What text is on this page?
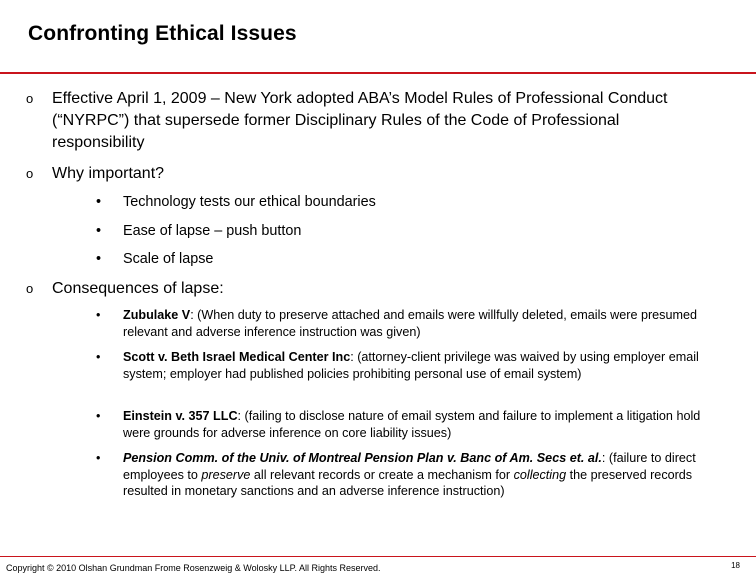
Confronting Ethical Issues
o	Effective April 1, 2009 – New York adopted ABA’s Model Rules of Professional Conduct (“NYRPC”) that supersede former Disciplinary Rules of the Code of Professional responsibility
o	Why important?
•	Technology tests our ethical boundaries
•	Ease of lapse – push button
•	Scale of lapse
o	Consequences of lapse:
•	Zubulake V: (When duty to preserve attached and emails were willfully deleted, emails were presumed relevant and adverse inference instruction was given)
•	Scott v. Beth Israel Medical Center Inc: (attorney-client privilege was waived by using employer email system; employer had published policies prohibiting personal use of email system)
•	Einstein v. 357 LLC: (failing to disclose nature of email system and failure to implement a litigation hold were grounds for adverse inference on core liability issues)
•	Pension Comm. of the Univ. of Montreal Pension Plan v. Banc of Am. Secs et. al.: (failure to direct employees to preserve all relevant records or create a mechanism for collecting the preserved records resulted in monetary sanctions and an adverse inference instruction)
Copyright © 2010 Olshan Grundman Frome Rosenzweig & Wolosky LLP. All Rights Reserved.	18
